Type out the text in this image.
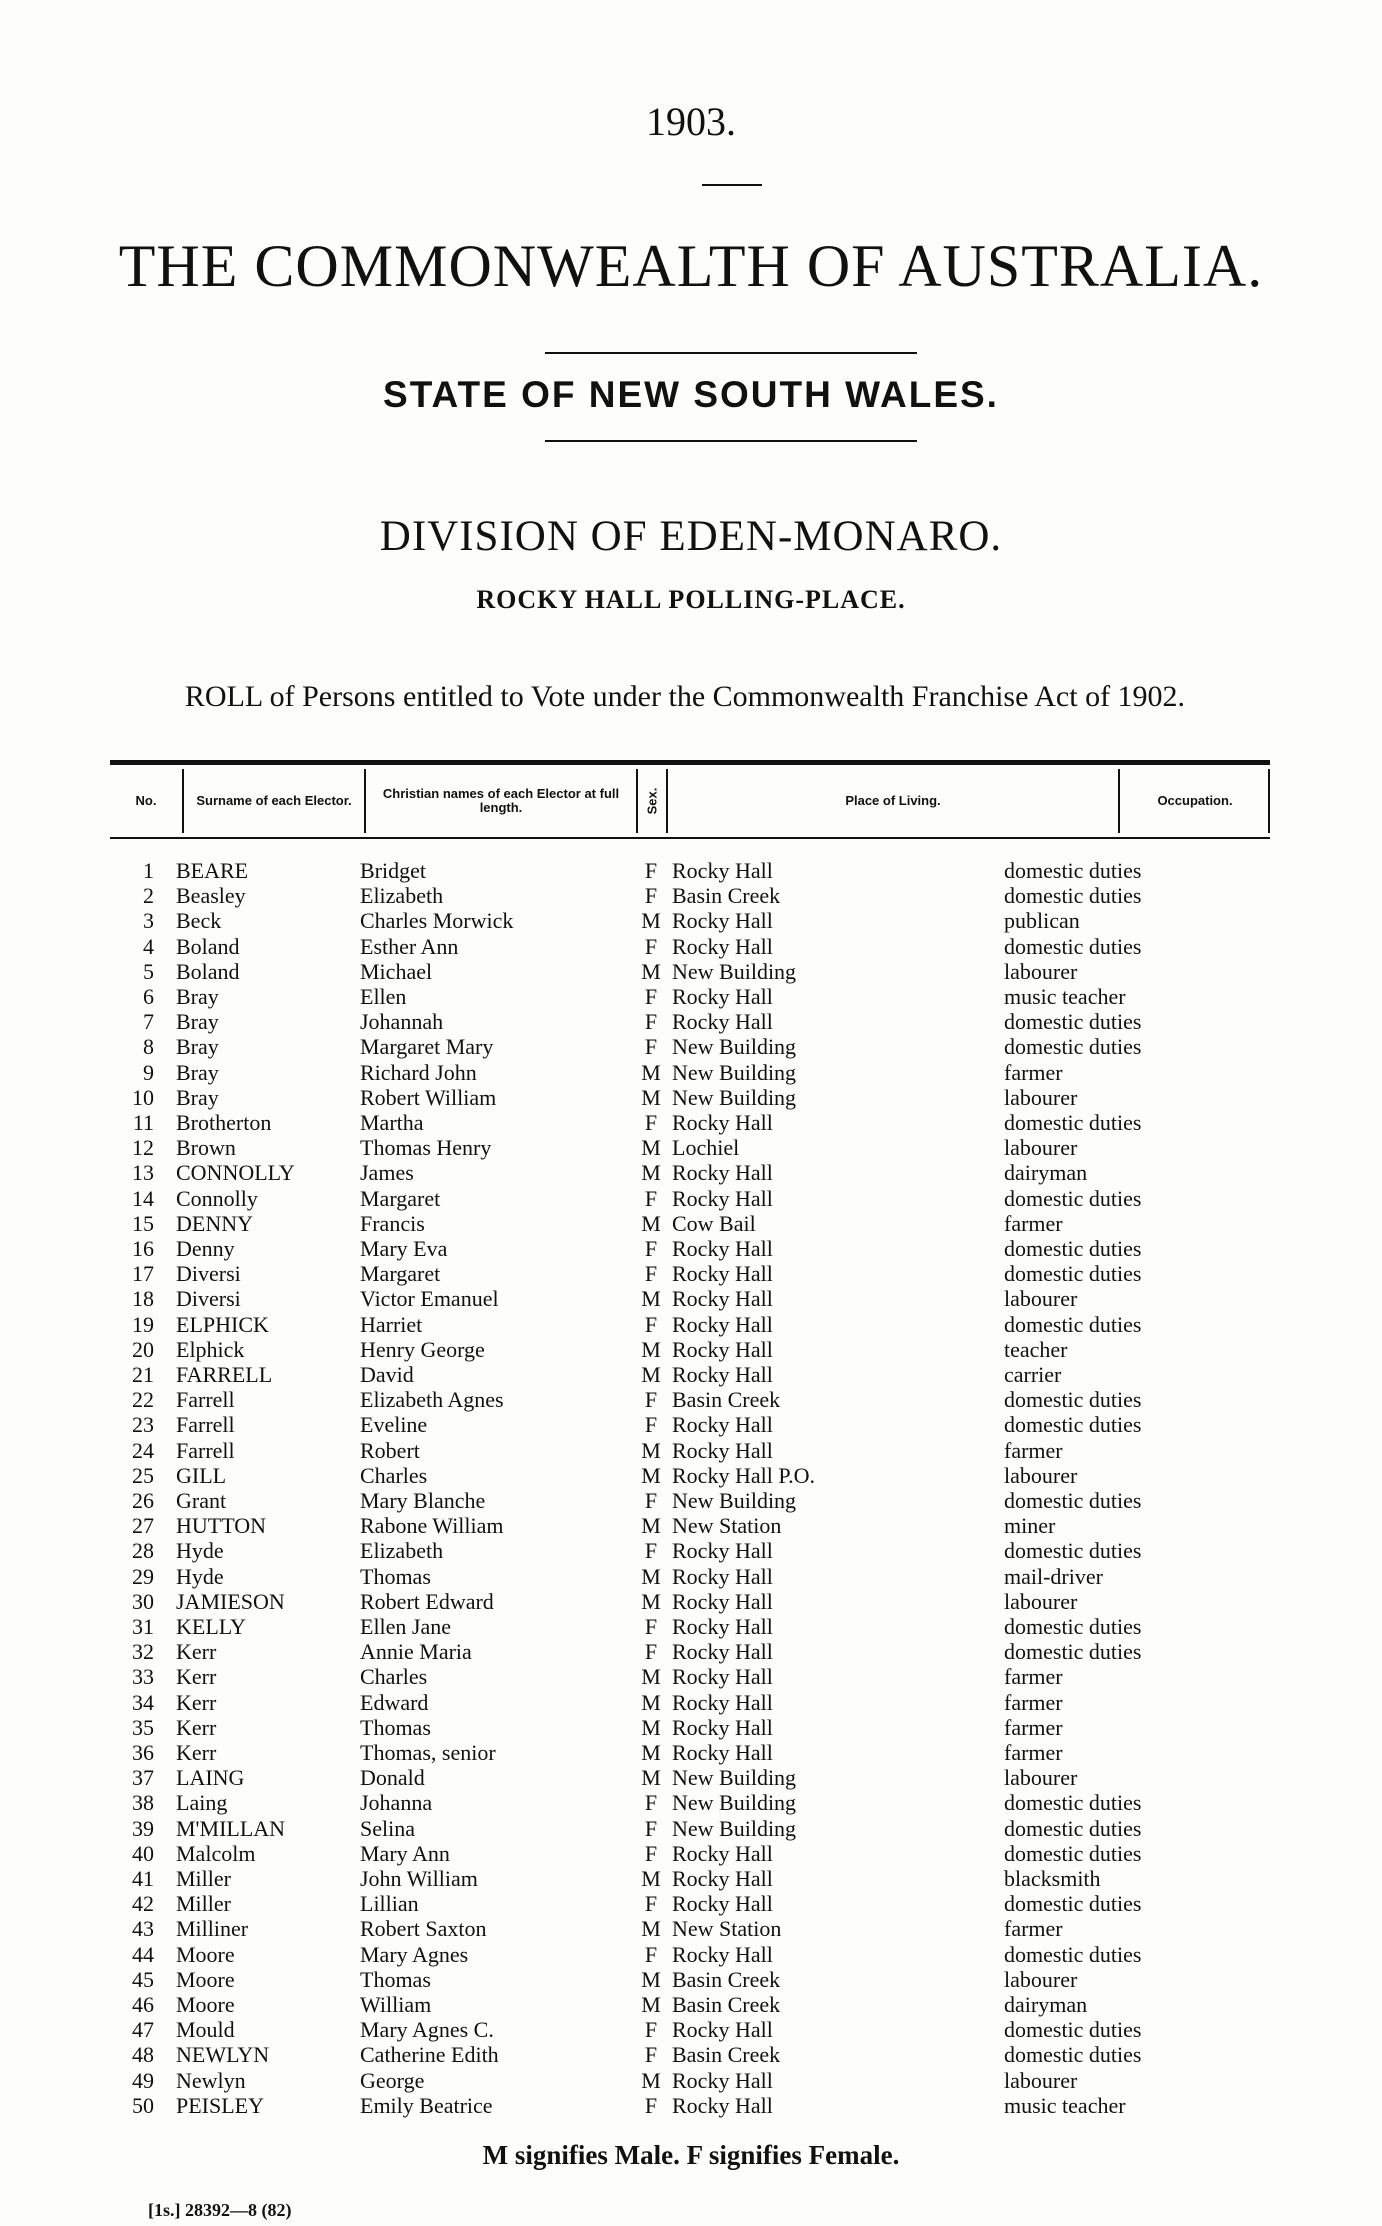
1903.
THE COMMONWEALTH OF AUSTRALIA.
STATE OF NEW SOUTH WALES.
DIVISION OF EDEN-MONARO.
ROCKY HALL POLLING-PLACE.
ROLL of Persons entitled to Vote under the Commonwealth Franchise Act of 1902.
No.	Surname of each Elector.	Christian names of each Elector at full length.	Sex.	Place of Living.	Occupation.
1 BEARE	Bridget	F Rocky Hall	domestic duties
2 Beasley	Elizabeth	F Basin Creek	domestic duties
3 Beck	Charles Morwick	M Rocky Hall	publican
4 Boland	Esther Ann	F Rocky Hall	domestic duties
5 Boland	Michael	M New Building	labourer
6 Bray	Ellen	F Rocky Hall	music teacher
7 Bray	Johannah	F Rocky Hall	domestic duties
8 Bray	Margaret Mary	F New Building	domestic duties
9 Bray	Richard John	M New Building	farmer
10 Bray	Robert William	M New Building	labourer
11 Brotherton	Martha	F Rocky Hall	domestic duties
12 Brown	Thomas Henry	M Lochiel	labourer
13 CONNOLLY	James	M Rocky Hall	dairyman
14 Connolly	Margaret	F Rocky Hall	domestic duties
15 DENNY	Francis	M Cow Bail	farmer
16 Denny	Mary Eva	F Rocky Hall	domestic duties
17 Diversi	Margaret	F Rocky Hall	domestic duties
18 Diversi	Victor Emanuel	M Rocky Hall	labourer
19 ELPHICK	Harriet	F Rocky Hall	domestic duties
20 Elphick	Henry George	M Rocky Hall	teacher
21 FARRELL	David	M Rocky Hall	carrier
22 Farrell	Elizabeth Agnes	F Basin Creek	domestic duties
23 Farrell	Eveline	F Rocky Hall	domestic duties
24 Farrell	Robert	M Rocky Hall	farmer
25 GILL	Charles	M Rocky Hall P.O.	labourer
26 Grant	Mary Blanche	F New Building	domestic duties
27 HUTTON	Rabone William	M New Station	miner
28 Hyde	Elizabeth	F Rocky Hall	domestic duties
29 Hyde	Thomas	M Rocky Hall	mail-driver
30 JAMIESON	Robert Edward	M Rocky Hall	labourer
31 KELLY	Ellen Jane	F Rocky Hall	domestic duties
32 Kerr	Annie Maria	F Rocky Hall	domestic duties
33 Kerr	Charles	M Rocky Hall	farmer
34 Kerr	Edward	M Rocky Hall	farmer
35 Kerr	Thomas	M Rocky Hall	farmer
36 Kerr	Thomas, senior	M Rocky Hall	farmer
37 LAING	Donald	M New Building	labourer
38 Laing	Johanna	F New Building	domestic duties
39 M'MILLAN	Selina	F New Building	domestic duties
40 Malcolm	Mary Ann	F Rocky Hall	domestic duties
41 Miller	John William	M Rocky Hall	blacksmith
42 Miller	Lillian	F Rocky Hall	domestic duties
43 Milliner	Robert Saxton	M New Station	farmer
44 Moore	Mary Agnes	F Rocky Hall	domestic duties
45 Moore	Thomas	M Basin Creek	labourer
46 Moore	William	M Basin Creek	dairyman
47 Mould	Mary Agnes C.	F Rocky Hall	domestic duties
48 NEWLYN	Catherine Edith	F Basin Creek	domestic duties
49 Newlyn	George	M Rocky Hall	labourer
50 PEISLEY	Emily Beatrice	F Rocky Hall	music teacher
M signifies Male. F signifies Female.
[1s.] 28392—8 (82)
